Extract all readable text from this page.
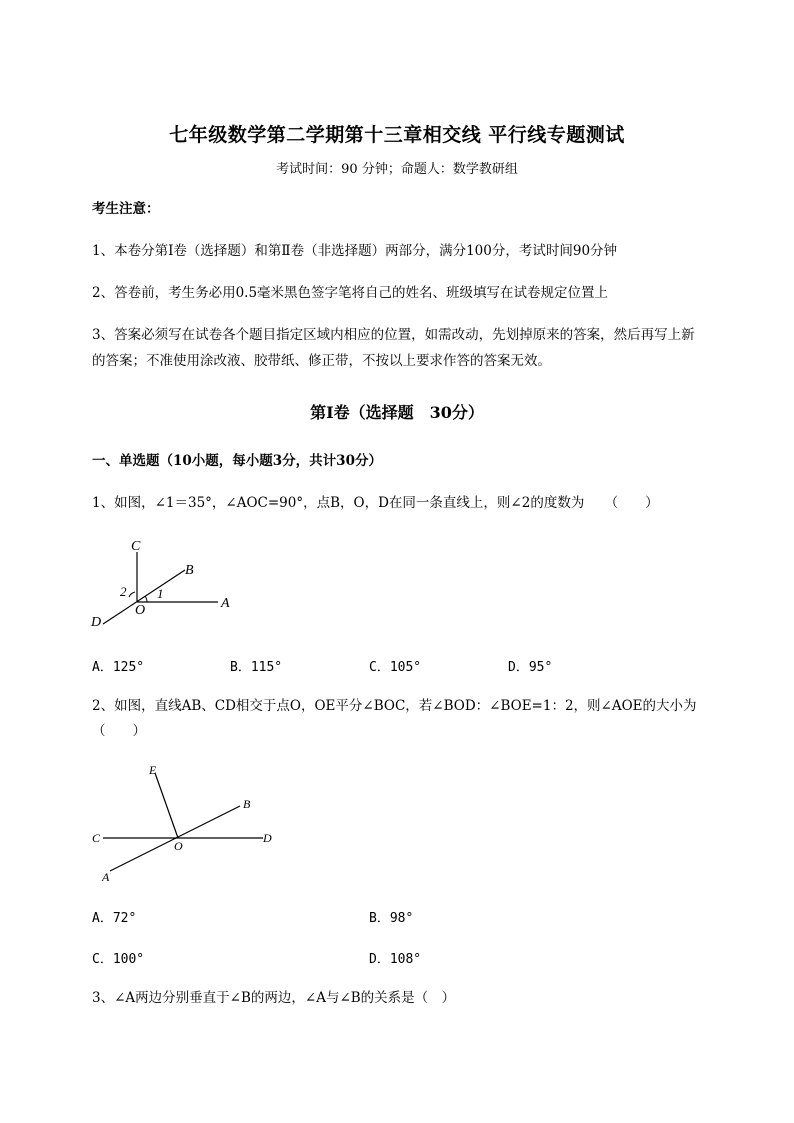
七年级数学第二学期第十三章相交线 平行线专题测试
考试时间：90 分钟；命题人：数学教研组
考生注意：
1、本卷分第Ⅰ卷（选择题）和第Ⅱ卷（非选择题）两部分，满分100分，考试时间90分钟
2、答卷前，考生务必用0.5毫米黑色签字笔将自己的姓名、班级填写在试卷规定位置上
3、答案必须写在试卷各个题目指定区域内相应的位置，如需改动，先划掉原来的答案，然后再写上新
的答案；不准使用涂改液、胶带纸、修正带，不按以上要求作答的答案无效。
第Ⅰ卷（选择题　30分）
一、单选题（10小题，每小题3分，共计30分）
1、如图，∠1＝35°，∠AOC=90°，点B，O，D在同一条直线上，则∠2的度数为　　（　　）
C
B
A
D
O
1
2
A．125°	B．115°	C．105°	D．95°
2、如图，直线AB、CD相交于点O，OE平分∠BOC，若∠BOD：∠BOE=1：2，则∠AOE的大小为
（　　）
E
B
C
O
D
A
A．72°	B．98°
C．100°	D．108°
3、∠A两边分别垂直于∠B的两边，∠A与∠B的关系是（　）
